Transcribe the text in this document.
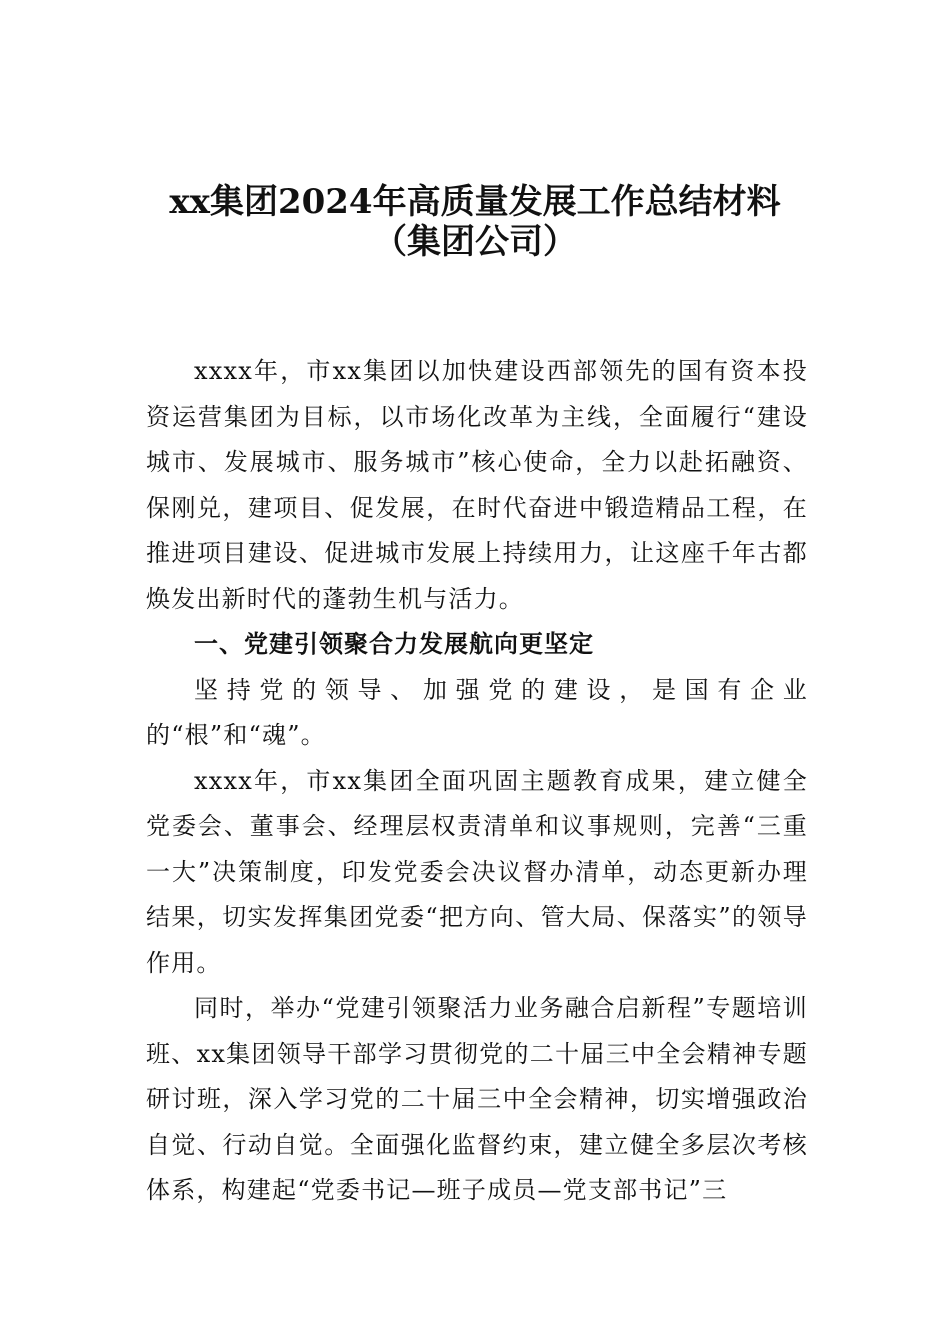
xx集团2024年高质量发展工作总结材料
（集团公司）

xxxx年，市xx集团以加快建设西部领先的国有资本投资运营集团为目标，以市场化改革为主线，全面履行“建设城市、发展城市、服务城市”核心使命，全力以赴拓融资、保刚兑，建项目、促发展，在时代奋进中锻造精品工程，在推进项目建设、促进城市发展上持续用力，让这座千年古都焕发出新时代的蓬勃生机与活力。

一、党建引领聚合力发展航向更坚定

坚持党的领导、加强党的建设，是国有企业的“根”和“魂”。

xxxx年，市xx集团全面巩固主题教育成果，建立健全党委会、董事会、经理层权责清单和议事规则，完善“三重一大”决策制度，印发党委会决议督办清单，动态更新办理结果，切实发挥集团党委“把方向、管大局、保落实”的领导作用。

同时，举办“党建引领聚活力业务融合启新程”专题培训班、xx集团领导干部学习贯彻党的二十届三中全会精神专题研讨班，深入学习党的二十届三中全会精神，切实增强政治自觉、行动自觉。全面强化监督约束，建立健全多层次考核体系，构建起“党委书记—班子成员—党支部书记”三
